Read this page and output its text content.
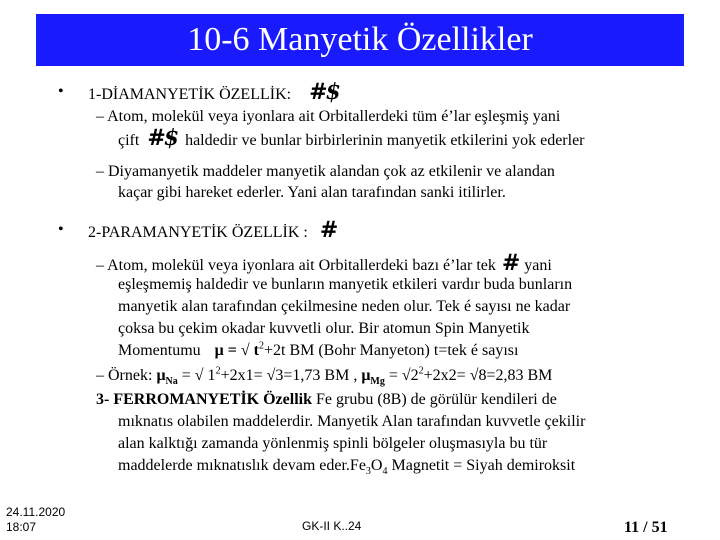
10-6 Manyetik Özellikler
• 1-DİAMANYETİK ÖZELLİK: #$
– Atom, molekül veya iyonlara ait Orbitallerdeki tüm é’lar eşleşmiş yani
çift #$ haldedir ve bunlar birbirlerinin manyetik etkilerini yok ederler
– Diyamanyetik maddeler manyetik alandan çok az etkilenir ve alandan
kaçar gibi hareket ederler. Yani alan tarafından sanki itilirler.
• 2-PARAMANYETİK ÖZELLİK : #
– Atom, molekül veya iyonlara ait Orbitallerdeki bazı é’lar tek # yani
eşleşmemiş haldedir ve bunların manyetik etkileri vardır buda bunların
manyetik alan tarafından çekilmesine neden olur. Tek é sayısı ne kadar
çoksa bu çekim okadar kuvvetli olur. Bir atomun Spin Manyetik
Momentumu μ = √ $t^2+2t$ BM (Bohr Manyeton) t=tek é sayısı
– Örnek: $\mu_{Na}$ = √ $1^2+2x1= √3=1,73$ BM , $\mu_{Mg} = √2^2+2x2= √8=2,83$ BM
3- FERROMANYETİK Özellik Fe grubu (8B) de görülür kendileri de
mıknatıs olabilen maddelerdir. Manyetik Alan tarafından kuvvetle çekilir
alan kalktığı zamanda yönlenmiş spinli bölgeler oluşmasıyla bu tür
maddelerde mıknatıslık devam $eder.Fe_3O_4$ Magnetit = Siyah demiroksit
24.11.2020
18:07	GK-II K..24	11 / 51
